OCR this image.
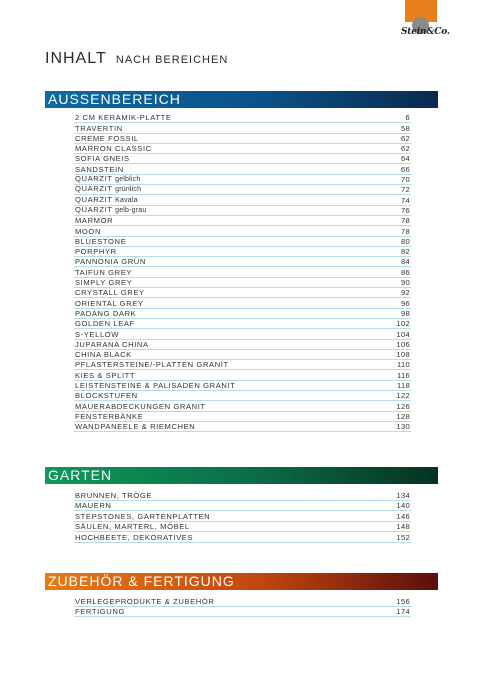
Stein&Co.
INHALT NACH BEREICHEN
AUSSENBEREICH
2 CM KERAMIK-PLATTE	6
TRAVERTIN	58
CREME FOSSIL	62
MARRON CLASSIC	62
SOFIA GNEIS	64
SANDSTEIN	66
QUARZIT gelblich	70
QUARZIT grünlich	72
QUARZIT Kavala	74
QUARZIT gelb-grau	76
MARMOR	78
MOON	78
BLUESTONE	80
PORPHYR	82
PANNONIA GRÜN	84
TAIFUN GREY	86
SIMPLY GREY	90
CRYSTALL GREY	92
ORIENTAL GREY	96
PADANG DARK	98
GOLDEN LEAF	102
S-YELLOW	104
JUPARANA CHINA	106
CHINA BLACK	108
PFLASTERSTEINE/-PLATTEN GRANIT	110
KIES & SPLITT	116
LEISTENSTEINE & PALISADEN GRANIT	118
BLOCKSTUFEN	122
MAUERABDECKUNGEN GRANIT	126
FENSTERBÄNKE	128
WANDPANEELE & RIEMCHEN	130
GARTEN
BRUNNEN, TRÖGE	134
MAUERN	140
STEPSTONES, GARTENPLATTEN	146
SÄULEN, MARTERL, MÖBEL	148
HOCHBEETE, DEKORATIVES	152
ZUBEHÖR & FERTIGUNG
VERLEGEPRODUKTE & ZUBEHÖR	156
FERTIGUNG	174
